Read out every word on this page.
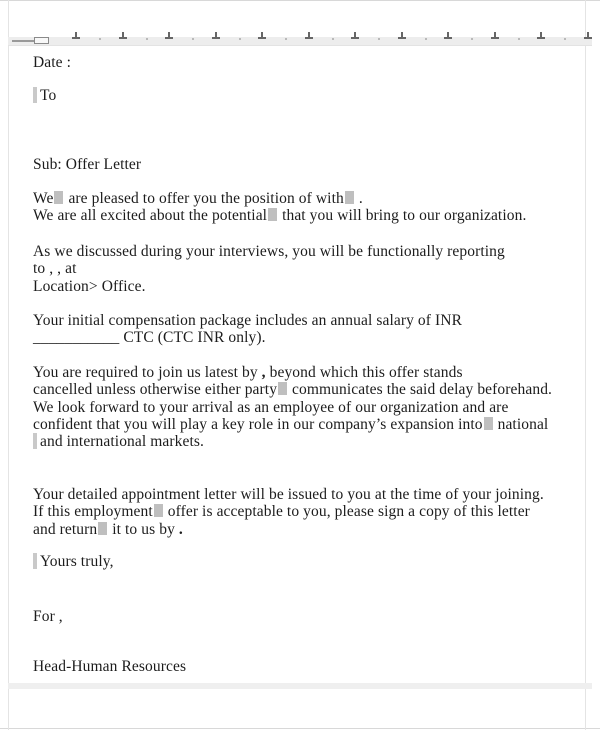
Date :
To
Sub: Offer Letter
We are pleased to offer you the position of with .
We are all excited about the potential that you will bring to our organization.
As we discussed during your interviews, you will be functionally reporting
to , , at
Location> Office.
Your initial compensation package includes an annual salary of INR
___________ CTC (CTC INR only).
You are required to join us latest by , beyond which this offer stands
cancelled unless otherwise either party communicates the said delay beforehand.
We look forward to your arrival as an employee of our organization and are
confident that you will play a key role in our company’s expansion into national
and international markets.
Your detailed appointment letter will be issued to you at the time of your joining.
If this employment offer is acceptable to you, please sign a copy of this letter
and return it to us by .
Yours truly,
For ,
Head-Human Resources
